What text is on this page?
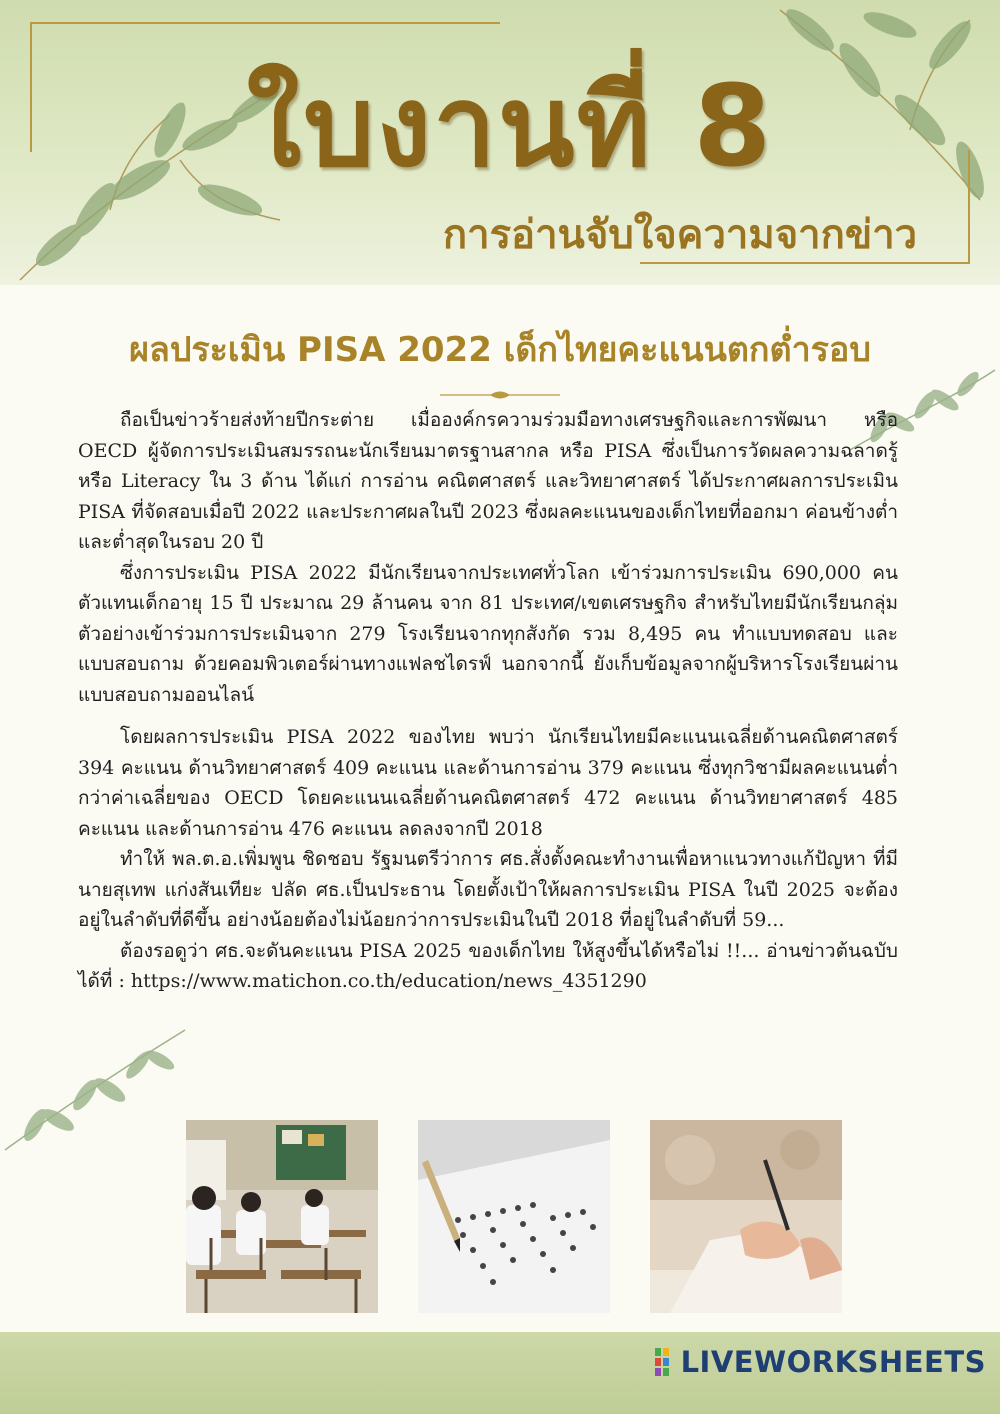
ใบงานที่ 8
การอ่านจับใจความจากข่าว
ผลประเมิน PISA 2022 เด็กไทยคะแนนตกต่ำรอบ

ถือเป็นข่าวร้ายส่งท้ายปีกระต่าย เมื่อองค์กรความร่วมมือทางเศรษฐกิจและการพัฒนา หรือ OECD ผู้จัดการประเมินสมรรถนะนักเรียนมาตรฐานสากล หรือ PISA ซึ่งเป็นการวัดผลความฉลาดรู้ หรือ Literacy ใน 3 ด้าน ได้แก่ การอ่าน คณิตศาสตร์ และวิทยาศาสตร์ ได้ประกาศผลการประเมิน PISA ที่จัดสอบเมื่อปี 2022 และประกาศผลในปี 2023 ซึ่งผลคะแนนของเด็กไทยที่ออกมา ค่อนข้างต่ำ และต่ำสุดในรอบ 20 ปี

ซึ่งการประเมิน PISA 2022 มีนักเรียนจากประเทศทั่วโลก เข้าร่วมการประเมิน 690,000 คน ตัวแทนเด็กอายุ 15 ปี ประมาณ 29 ล้านคน จาก 81 ประเทศ/เขตเศรษฐกิจ สำหรับไทยมีนักเรียนกลุ่มตัวอย่างเข้าร่วมการประเมินจาก 279 โรงเรียนจากทุกสังกัด รวม 8,495 คน ทำแบบทดสอบ และแบบสอบถาม ด้วยคอมพิวเตอร์ผ่านทางแฟลชไดรฟ์ นอกจากนี้ ยังเก็บข้อมูลจากผู้บริหารโรงเรียนผ่านแบบสอบถามออนไลน์

โดยผลการประเมิน PISA 2022 ของไทย พบว่า นักเรียนไทยมีคะแนนเฉลี่ยด้านคณิตศาสตร์ 394 คะแนน ด้านวิทยาศาสตร์ 409 คะแนน และด้านการอ่าน 379 คะแนน ซึ่งทุกวิชามีผลคะแนนต่ำกว่าค่าเฉลี่ยของ OECD โดยคะแนนเฉลี่ยด้านคณิตศาสตร์ 472 คะแนน ด้านวิทยาศาสตร์ 485 คะแนน และด้านการอ่าน 476 คะแนน ลดลงจากปี 2018

ทำให้ พล.ต.อ.เพิ่มพูน ชิดชอบ รัฐมนตรีว่าการ ศธ.สั่งตั้งคณะทำงานเพื่อหาแนวทางแก้ปัญหา ที่มี นายสุเทพ แก่งสันเทียะ ปลัด ศธ.เป็นประธาน โดยตั้งเป้าให้ผลการประเมิน PISA ในปี 2025 จะต้องอยู่ในลำดับที่ดีขึ้น อย่างน้อยต้องไม่น้อยกว่าการประเมินในปี 2018 ที่อยู่ในลำดับที่ 59...

ต้องรอดูว่า ศธ.จะดันคะแนน PISA 2025 ของเด็กไทย ให้สูงขึ้นได้หรือไม่ !!... อ่านข่าวต้นฉบับได้ที่ : https://www.matichon.co.th/education/news_4351290

LIVEWORKSHEETS
